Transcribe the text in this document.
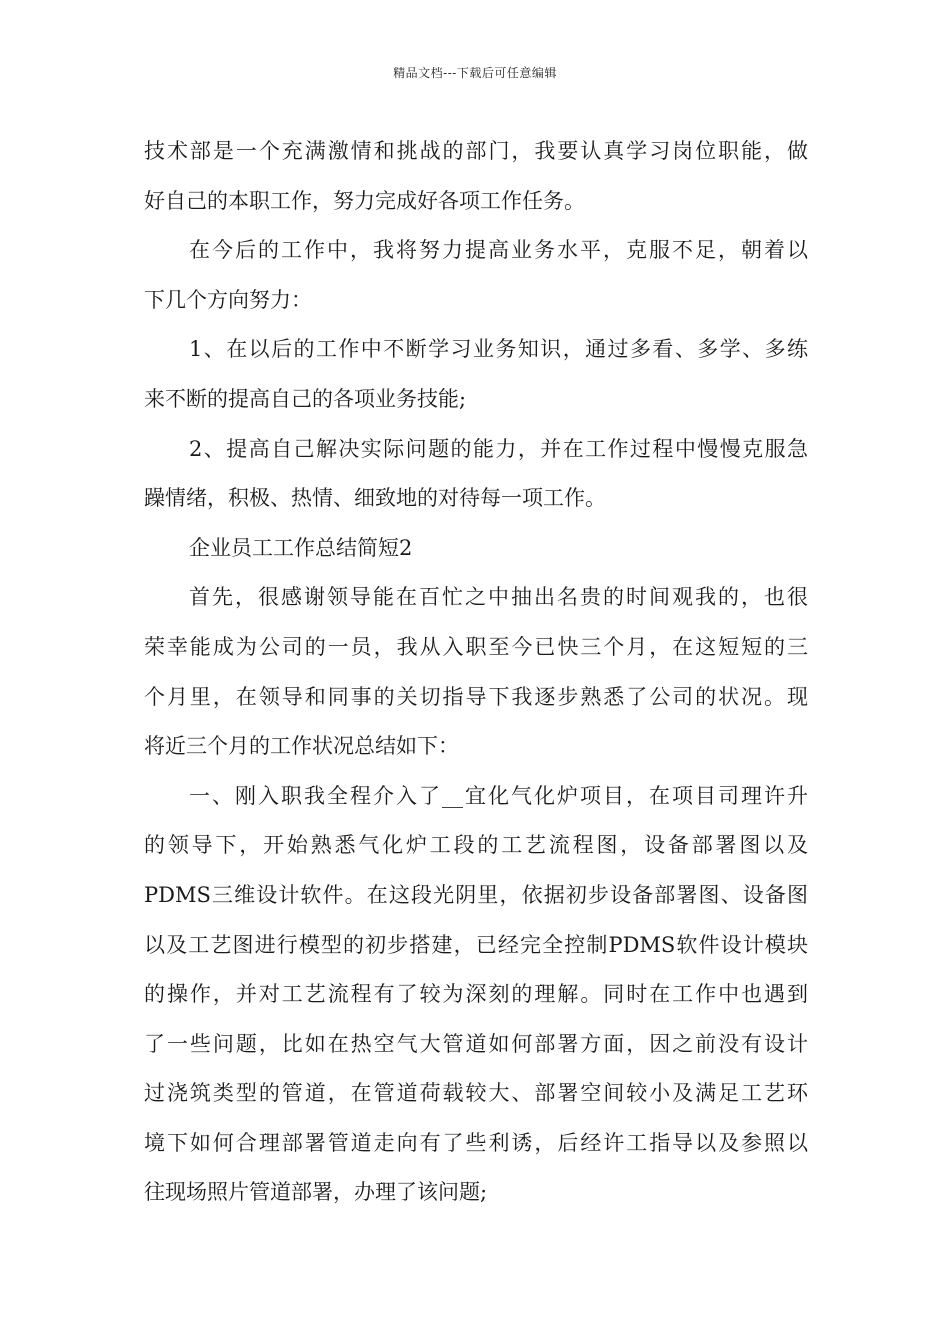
精品文档---下载后可任意编辑
技术部是一个充满激情和挑战的部门，我要认真学习岗位职能，做
好自己的本职工作，努力完成好各项工作任务。
在今后的工作中，我将努力提高业务水平，克服不足，朝着以
下几个方向努力：
1、在以后的工作中不断学习业务知识，通过多看、多学、多练
来不断的提高自己的各项业务技能;
2、提高自己解决实际问题的能力，并在工作过程中慢慢克服急
躁情绪，积极、热情、细致地的对待每一项工作。
企业员工工作总结简短2
首先，很感谢领导能在百忙之中抽出名贵的时间观我的，也很
荣幸能成为公司的一员，我从入职至今已快三个月，在这短短的三
个月里，在领导和同事的关切指导下我逐步熟悉了公司的状况。现
将近三个月的工作状况总结如下：
一、刚入职我全程介入了__宜化气化炉项目，在项目司理许升
的领导下，开始熟悉气化炉工段的工艺流程图，设备部署图以及
PDMS三维设计软件。在这段光阴里，依据初步设备部署图、设备图
以及工艺图进行模型的初步搭建，已经完全控制PDMS软件设计模块
的操作，并对工艺流程有了较为深刻的理解。同时在工作中也遇到
了一些问题，比如在热空气大管道如何部署方面，因之前没有设计
过浇筑类型的管道，在管道荷载较大、部署空间较小及满足工艺环
境下如何合理部署管道走向有了些利诱，后经许工指导以及参照以
往现场照片管道部署，办理了该问题;
